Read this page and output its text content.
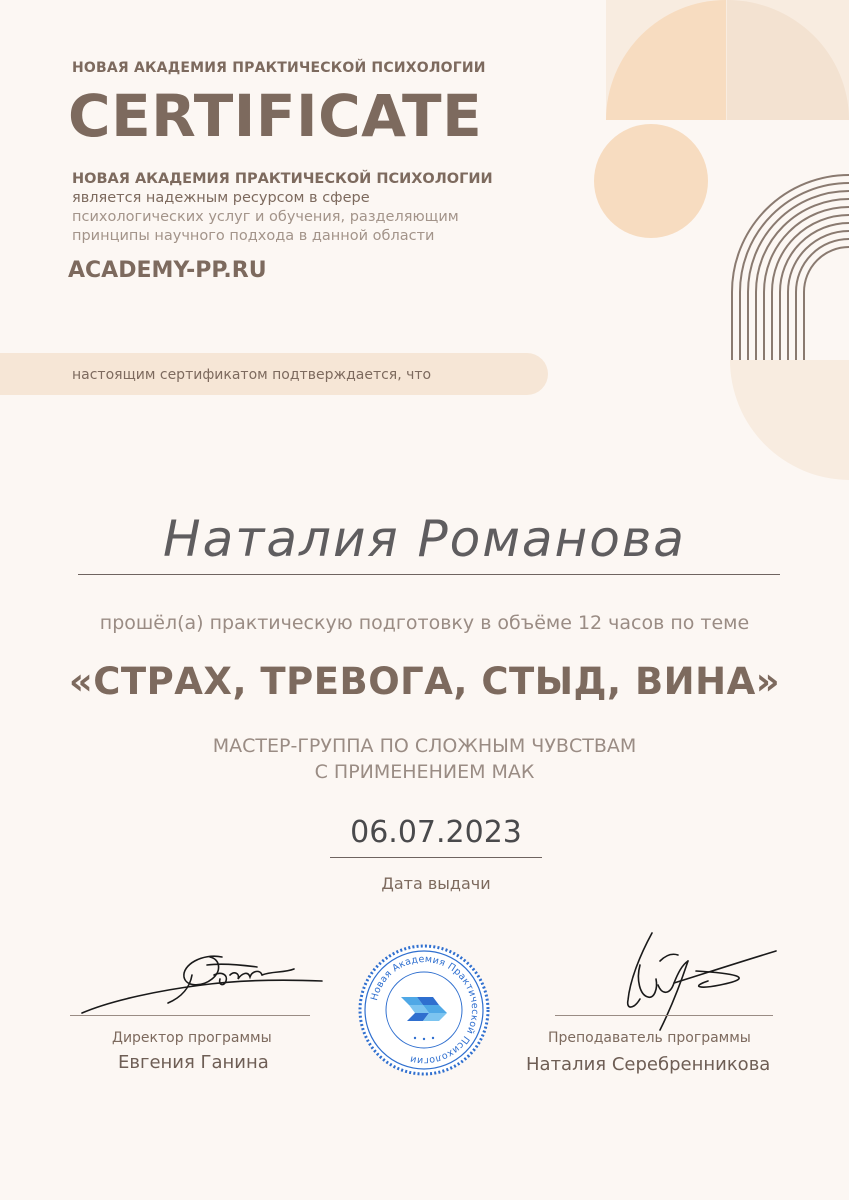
НОВАЯ АКАДЕМИЯ ПРАКТИЧЕСКОЙ ПСИХОЛОГИИ
CERTIFICATE
НОВАЯ АКАДЕМИЯ ПРАКТИЧЕСКОЙ ПСИХОЛОГИИ
является надежным ресурсом в сфере
психологических услуг и обучения, разделяющим
принципы научного подхода в данной области
ACADEMY-PP.RU
настоящим сертификатом подтверждается, что
Наталия Романова
прошёл(а) практическую подготовку в объёме 12 часов по теме
«СТРАХ, ТРЕВОГА, СТЫД, ВИНА»
МАСТЕР-ГРУППА ПО СЛОЖНЫМ ЧУВСТВАМ
С ПРИМЕНЕНИЕМ МАК
06.07.2023
Дата выдачи
Директор программы
Евгения Ганина
Новая Академия Практической Психологии
Преподаватель программы
Наталия Серебренникова
